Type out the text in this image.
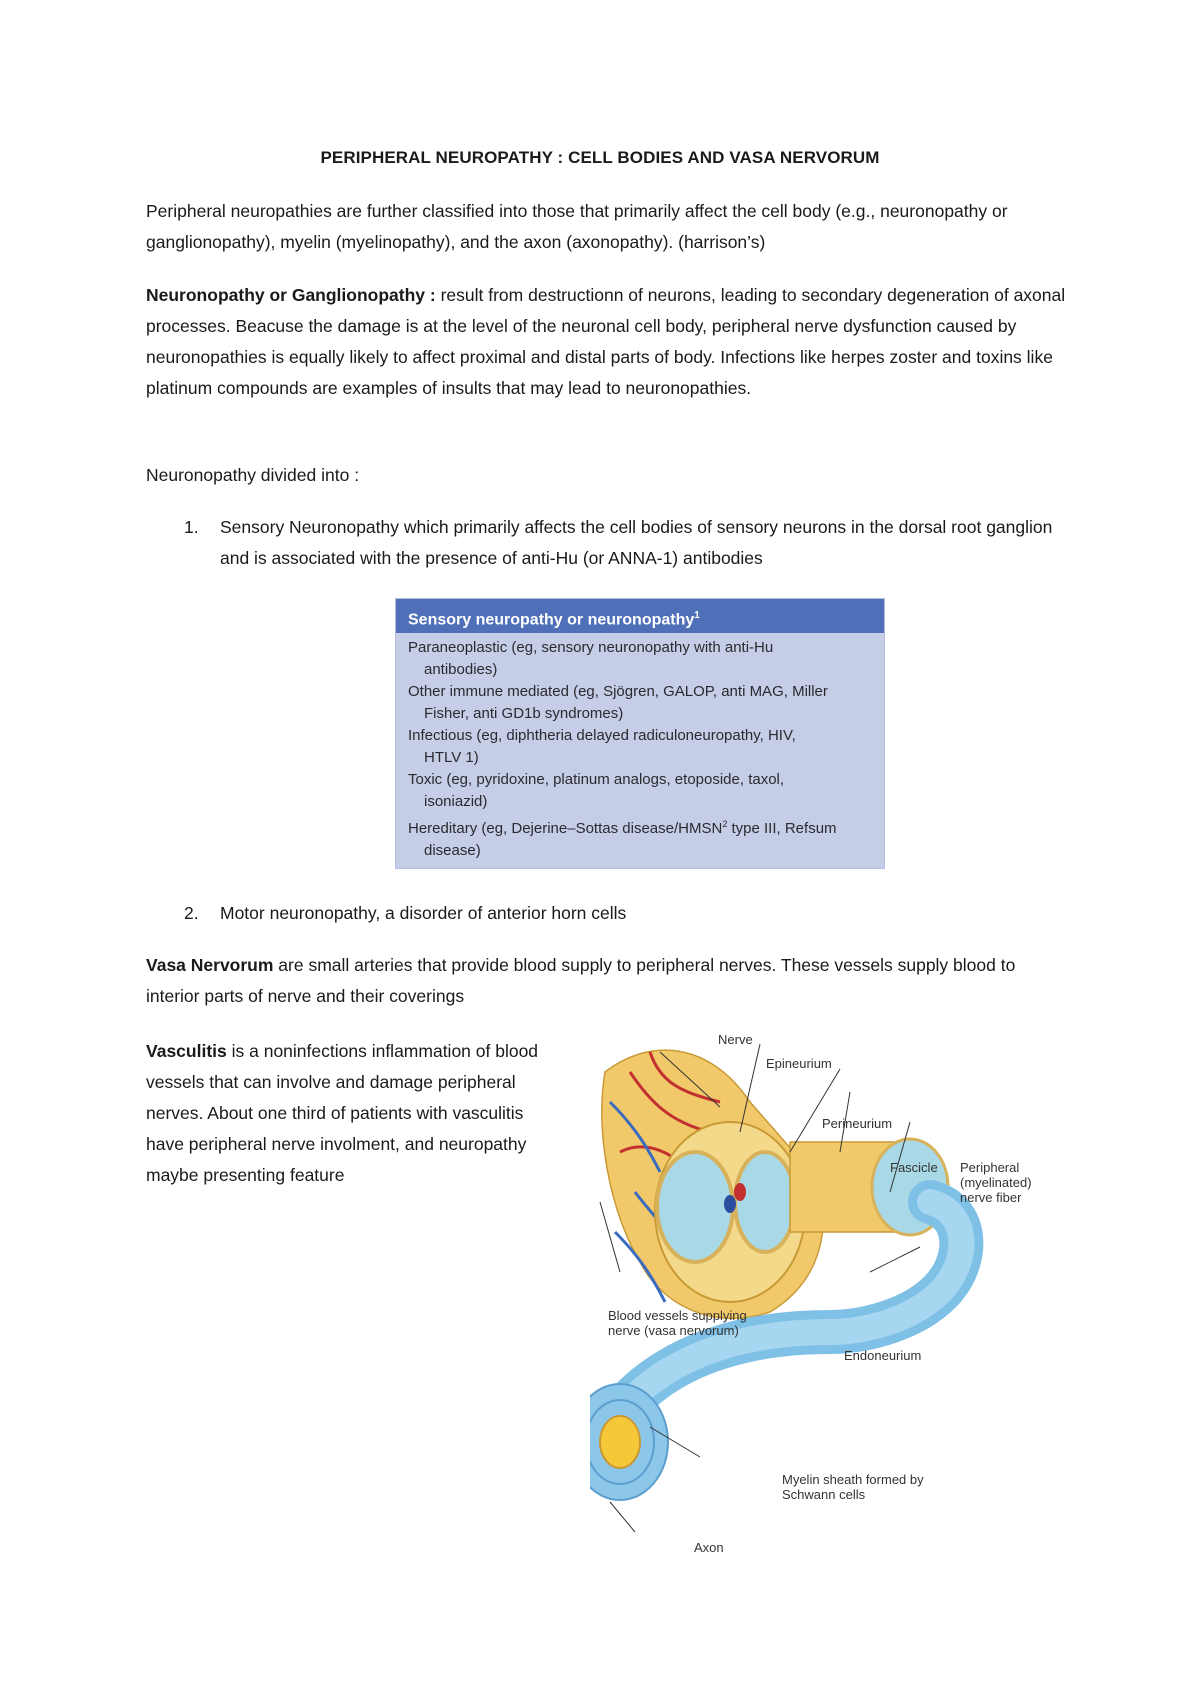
PERIPHERAL NEUROPATHY : CELL BODIES AND VASA NERVORUM
Peripheral neuropathies are further classified into those that primarily affect the cell body (e.g., neuronopathy or ganglionopathy), myelin (myelinopathy), and the axon (axonopathy). (harrison’s)
Neuronopathy or Ganglionopathy : result from destructionn of neurons, leading to secondary degeneration of axonal processes. Beacuse the damage is at the level of the neuronal cell body, peripheral nerve dysfunction caused by neuronopathies is equally likely to affect proximal and distal parts of body. Infections like herpes zoster and toxins like platinum compounds are examples of insults that may lead to neuronopathies.
Neuronopathy divided into :
1. Sensory Neuronopathy which primarily affects the cell bodies of sensory neurons in the dorsal root ganglion and is associated with the presence of anti-Hu (or ANNA-1) antibodies
Sensory neuropathy or neuronopathy$^1$
Paraneoplastic (eg, sensory neuronopathy with anti-Hu
antibodies)
Other immune mediated (eg, Sjögren, GALOP, anti MAG, Miller
Fisher, anti GD1b syndromes)
Infectious (eg, diphtheria delayed radiculoneuropathy, HIV,
HTLV 1)
Toxic (eg, pyridoxine, platinum analogs, etoposide, taxol,
isoniazid)
Hereditary (eg, Dejerine–Sottas disease/HMSN$^2$ type III, Refsum
disease)
2. Motor neuronopathy, a disorder of anterior horn cells
Vasa Nervorum are small arteries that provide blood supply to peripheral nerves. These vessels supply blood to interior parts of nerve and their coverings
Vasculitis is a noninfections inflammation of blood vessels that can involve and damage peripheral nerves. About one third of patients with vasculitis have peripheral nerve involment, and neuropathy maybe presenting feature
Nerve
Epineurium
Perineurium
Fascicle Peripheral
(myelinated)
nerve fiber
Blood vessels supplying
nerve (vasa nervorum)
Endoneurium
Myelin sheath formed by
Schwann cells
Axon
